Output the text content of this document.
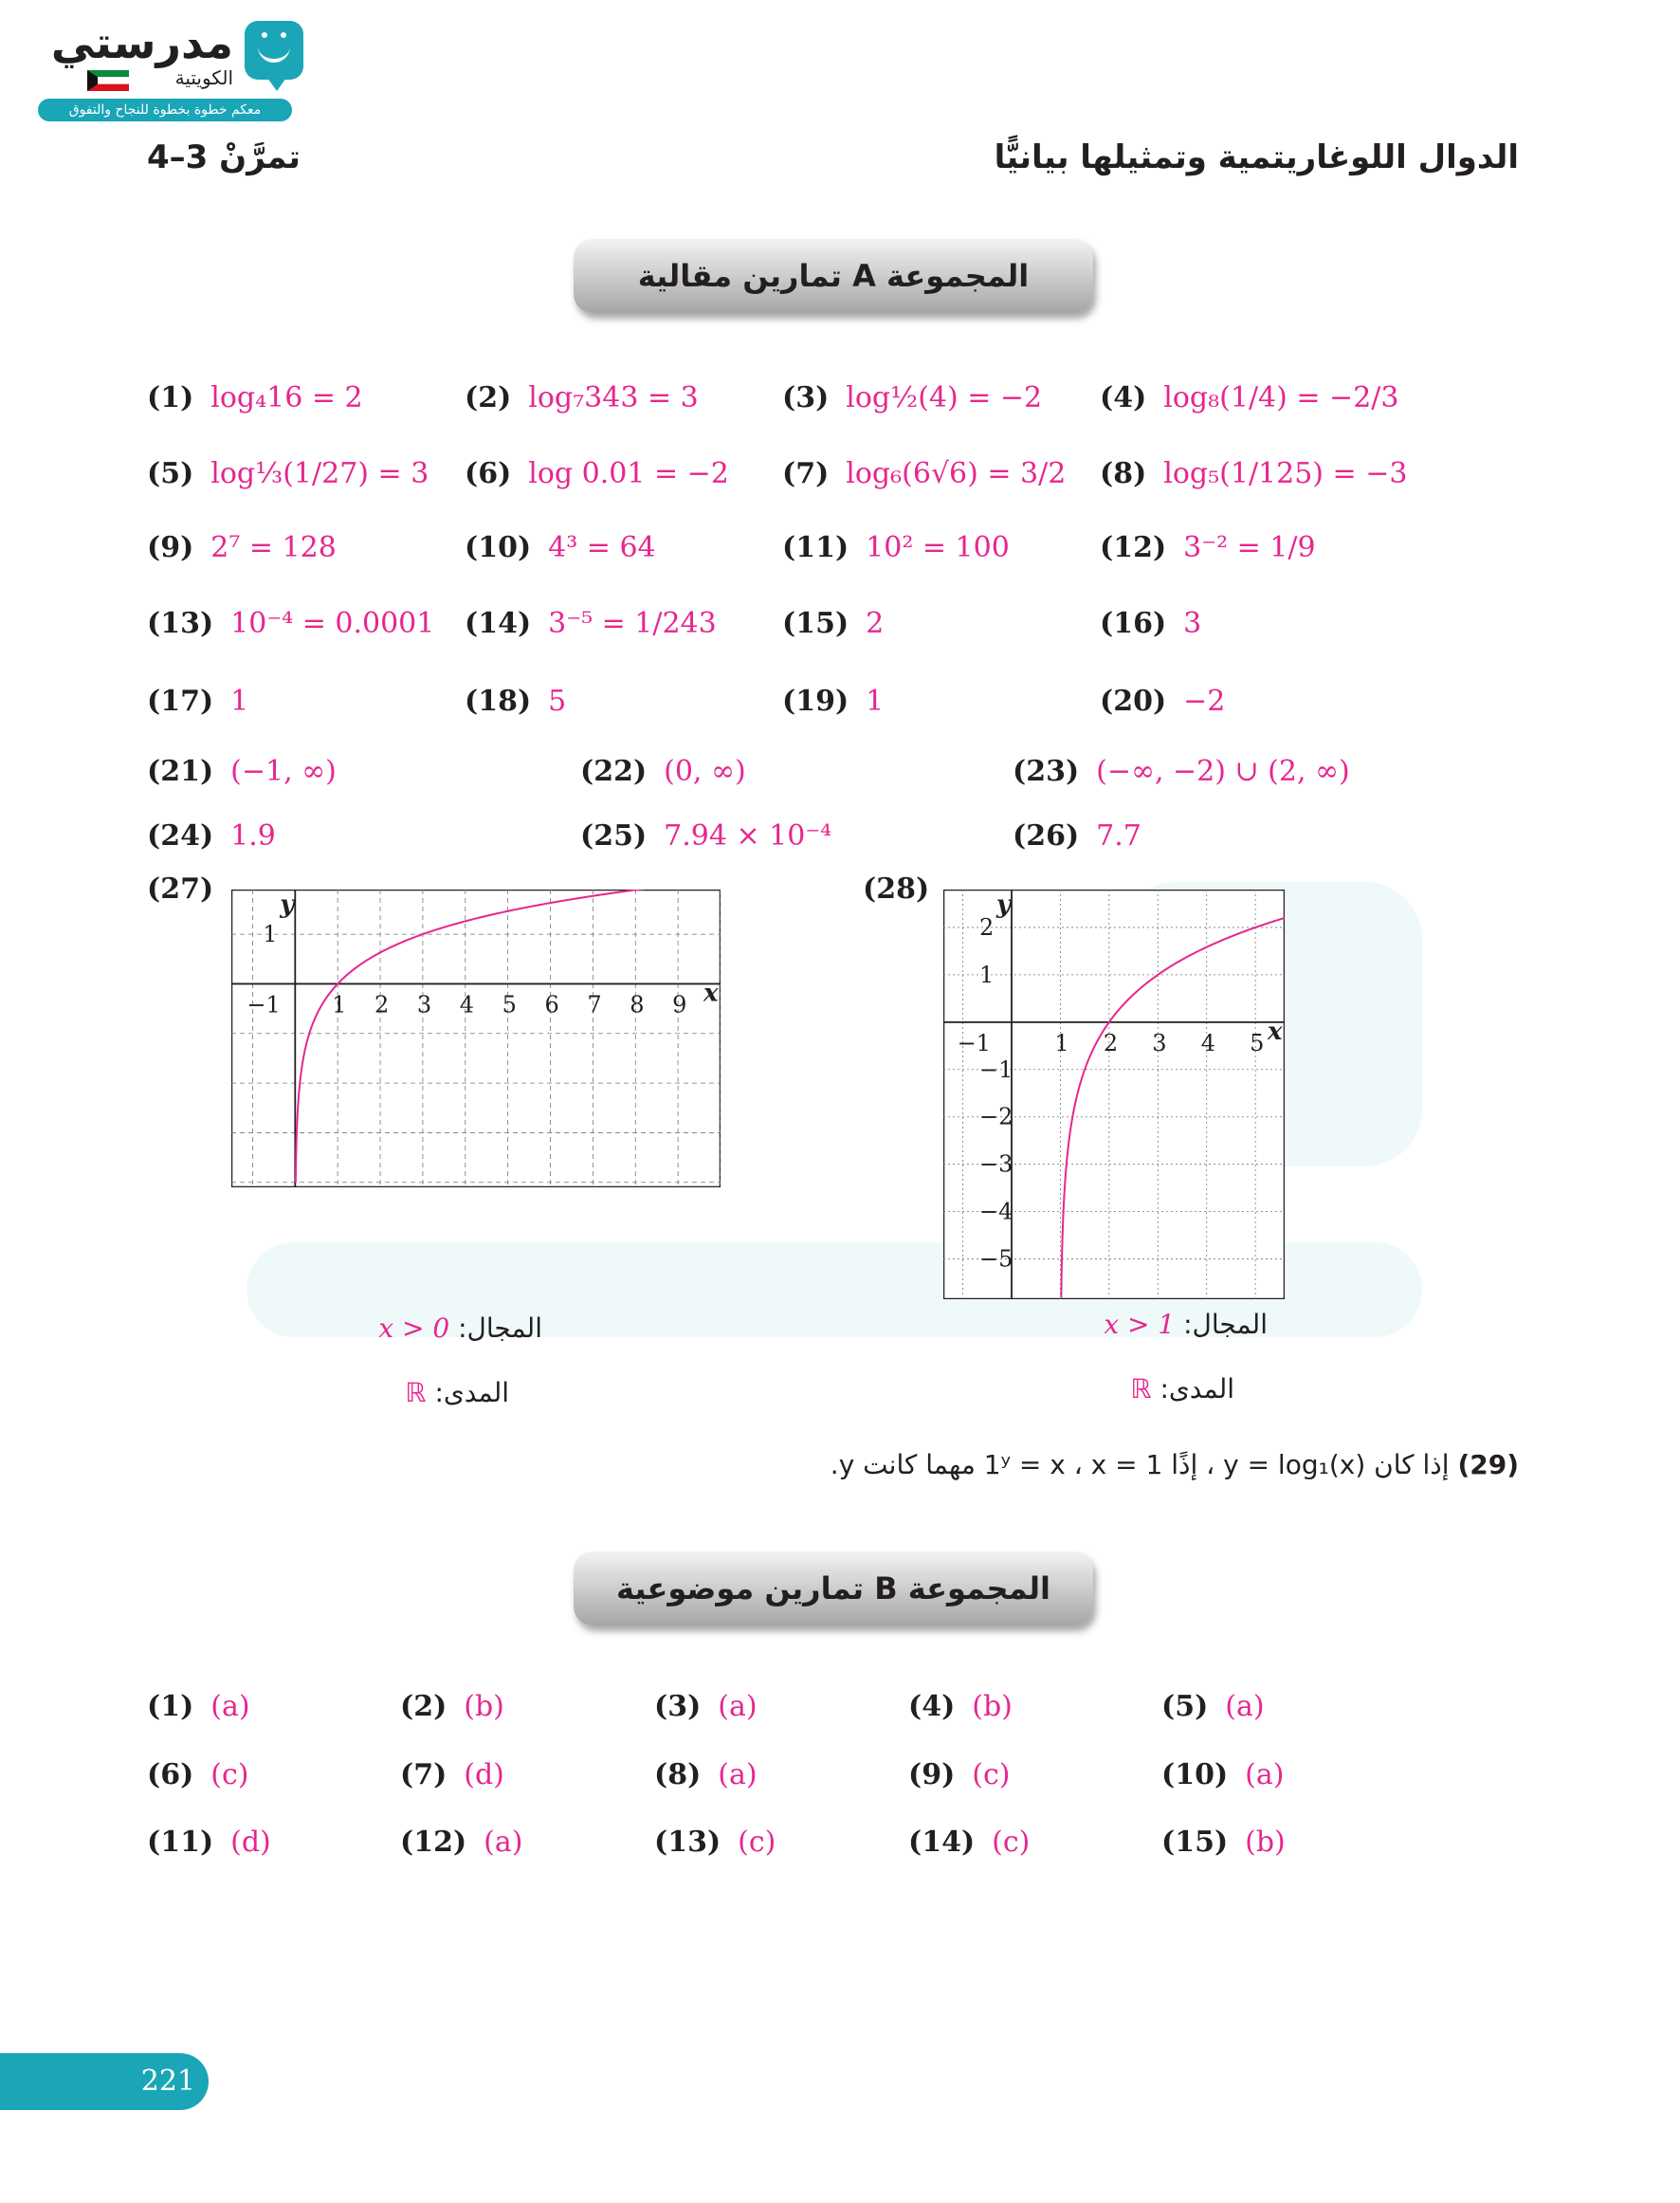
مدرستي
الكويتية
معكم خطوة بخطوة للنجاح والتفوق
الدوال اللوغاريتمية وتمثيلها بيانيًّا
تمرَّنْ 3–4
المجموعة A تمارين مقالية
(1) log₄16 = 2	(2) log₇343 = 3	(3) log½(4) = −2 (4) log₈(1/4) = −2/3
(5) log⅓(1/27) = 3 (6) log 0.01 = −2 (7) log₆(6√6) = 3/2 (8) log₅(1/125) = −3
(9) 2⁷ = 128	(10) 4³ = 64	(11) 10² = 100	(12) 3⁻² = 1/9
(13) 10⁻⁴ = 0.0001 (14) 3⁻⁵ = 1/243 (15) 2	(16) 3
(17) 1	(18) 5	(19) 1	(20) −2
(21) (−1, ∞)	(22) (0, ∞)	(23) (−∞, −2) ∪ (2, ∞)
(24) 1.9	(25) 7.94 × 10⁻⁴	(26) 7.7
(27)
−1 1 2 3 4 5 6 7 8 9
1
x
y	(28)
−1	1 2 3 4 5
2
1
−1
−2
−3
−4
−5
x
y
المجال: x > 0
المدى: ℝ
المجال: x > 1
المدى: ℝ
(29) إذا كان y = log₁(x) ، إذًا 1ʸ = x ، x = 1 مهما كانت y.
المجموعة B تمارين موضوعية
(1) (a)	(2) (b)	(3) (a)	(4) (b)	(5) (a)
(6) (c)	(7) (d)	(8) (a)	(9) (c)	(10) (a)
(11) (d)	(12) (a)	(13) (c)	(14) (c)	(15) (b)
221
